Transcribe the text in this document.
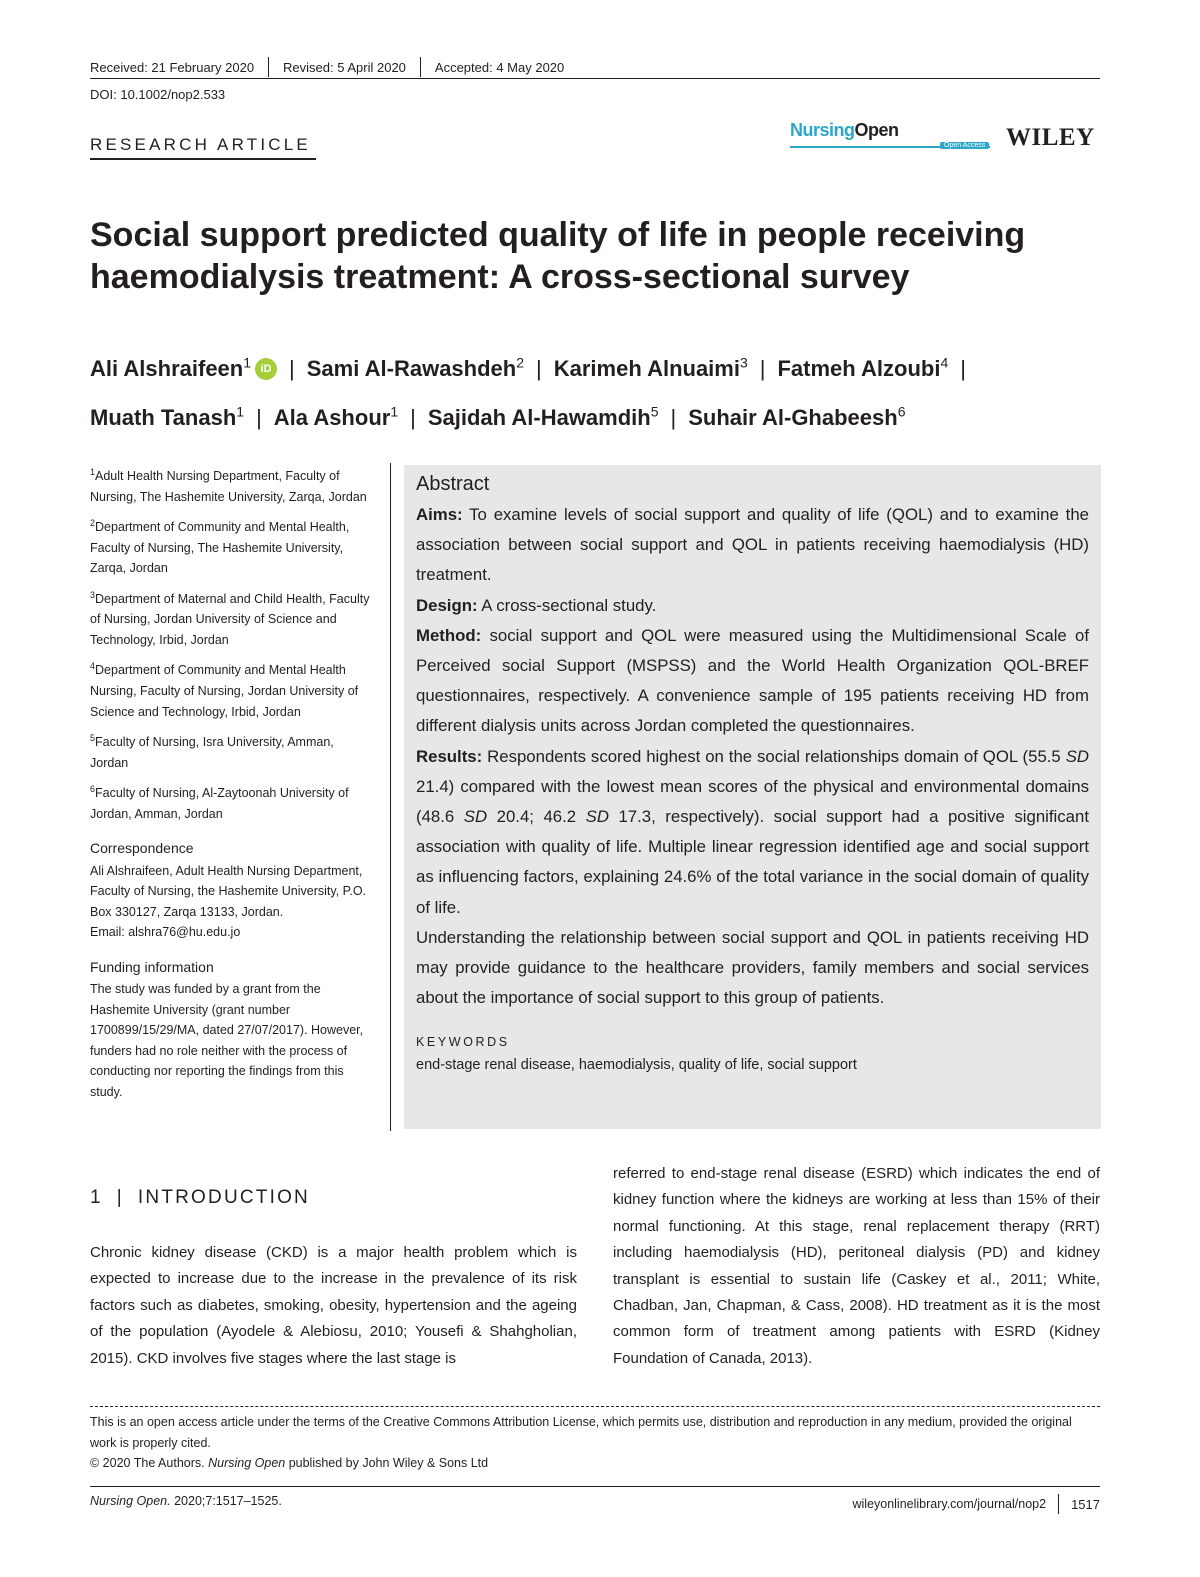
Received: 21 February 2020 Revised: 5 April 2020 Accepted: 4 May 2020
DOI: 10.1002/nop2.533
RESEARCH ARTICLE
NursingOpen
Open Access WILEY
Social support predicted quality of life in people receiving haemodialysis treatment: A cross-sectional survey
Ali Alshraifeen$^1$ iD | Sami Al-Rawashdeh$^2$ | Karimeh Alnuaimi$^3$ | Fatmeh Alzoubi$^4$ |
Muath Tanash$^1$ | Ala Ashour$^1$ | Sajidah Al-Hawamdih$^5$ | Suhair Al-Ghabeesh$^6$
$^1$Adult Health Nursing Department, Faculty of Nursing, The Hashemite University, Zarqa, Jordan
$^2$Department of Community and Mental Health, Faculty of Nursing, The Hashemite University, Zarqa, Jordan
$^3$Department of Maternal and Child Health, Faculty of Nursing, Jordan University of Science and Technology, Irbid, Jordan
$^4$Department of Community and Mental Health Nursing, Faculty of Nursing, Jordan University of Science and Technology, Irbid, Jordan
$^5$Faculty of Nursing, Isra University, Amman, Jordan
$^6$Faculty of Nursing, Al-Zaytoonah University of Jordan, Amman, Jordan
Correspondence
Ali Alshraifeen, Adult Health Nursing Department, Faculty of Nursing, the Hashemite University, P.O. Box 330127, Zarqa 13133, Jordan.
Email: alshra76@hu.edu.jo
Funding information
The study was funded by a grant from the Hashemite University (grant number 1700899/15/29/MA, dated 27/07/2017). However, funders had no role neither with the process of conducting nor reporting the findings from this study.
Abstract

Aims: To examine levels of social support and quality of life (QOL) and to examine the association between social support and QOL in patients receiving haemodialysis (HD) treatment.

Design: A cross-sectional study.

Method: social support and QOL were measured using the Multidimensional Scale of Perceived social Support (MSPSS) and the World Health Organization QOL-BREF questionnaires, respectively. A convenience sample of 195 patients receiving HD from different dialysis units across Jordan completed the questionnaires.

Results: Respondents scored highest on the social relationships domain of QOL (55.5 SD 21.4) compared with the lowest mean scores of the physical and environmental domains (48.6 SD 20.4; 46.2 SD 17.3, respectively). social support had a positive significant association with quality of life. Multiple linear regression identified age and social support as influencing factors, explaining 24.6% of the total variance in the social domain of quality of life.

Understanding the relationship between social support and QOL in patients receiving HD may provide guidance to the healthcare providers, family members and social services about the importance of social support to this group of patients.

KEYWORDS
end-stage renal disease, haemodialysis, quality of life, social support
1 | INTRODUCTION

Chronic kidney disease (CKD) is a major health problem which is expected to increase due to the increase in the prevalence of its risk factors such as diabetes, smoking, obesity, hypertension and the ageing of the population (Ayodele & Alebiosu, 2010; Yousefi & Shahgholian, 2015). CKD involves five stages where the last stage is

referred to end-stage renal disease (ESRD) which indicates the end of kidney function where the kidneys are working at less than 15% of their normal functioning. At this stage, renal replacement therapy (RRT) including haemodialysis (HD), peritoneal dialysis (PD) and kidney transplant is essential to sustain life (Caskey et al., 2011; White, Chadban, Jan, Chapman, & Cass, 2008). HD treatment as it is the most common form of treatment among patients with ESRD (Kidney Foundation of Canada, 2013).

This is an open access article under the terms of the Creative Commons Attribution License, which permits use, distribution and reproduction in any medium, provided the original work is properly cited.
© 2020 The Authors. Nursing Open published by John Wiley & Sons Ltd
Nursing Open. 2020;7:1517–1525.	wileyonlinelibrary.com/journal/nop2 1517
